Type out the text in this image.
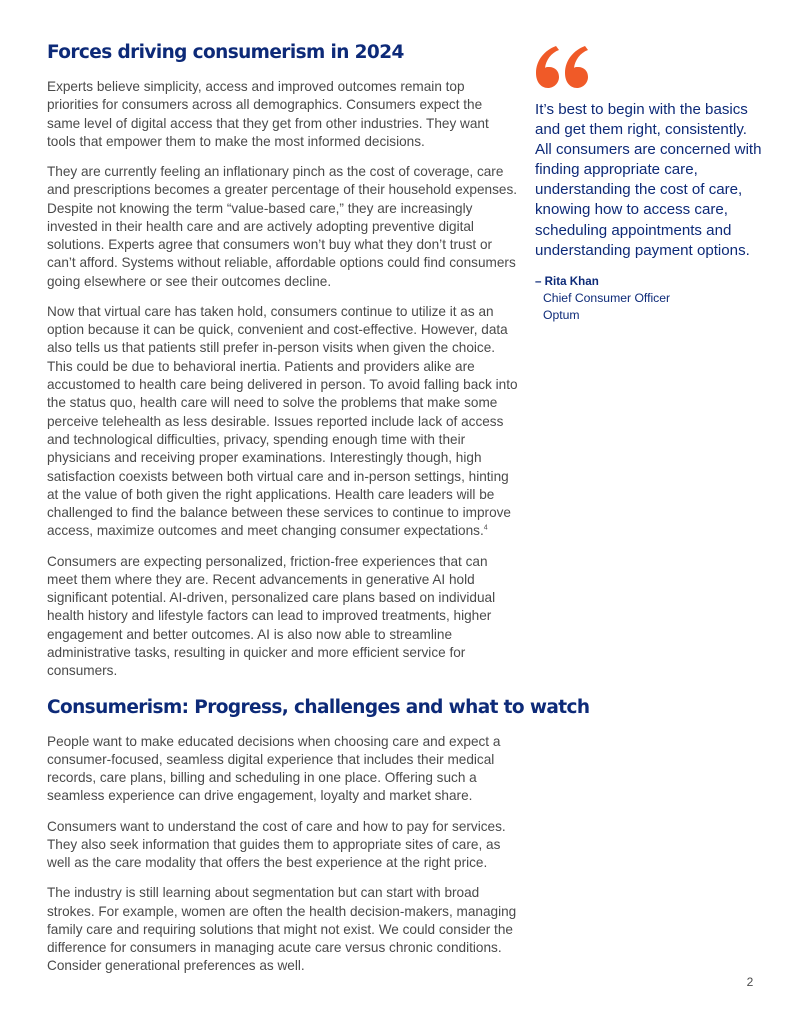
Forces driving consumerism in 2024

Experts believe simplicity, access and improved outcomes remain top priorities for consumers across all demographics. Consumers expect the same level of digital access that they get from other industries. They want tools that empower them to make the most informed decisions.

They are currently feeling an inflationary pinch as the cost of coverage, care and prescriptions becomes a greater percentage of their household expenses. Despite not knowing the term “value-based care,” they are increasingly invested in their health care and are actively adopting preventive digital solutions. Experts agree that consumers won’t buy what they don’t trust or can’t afford. Systems without reliable, affordable options could find consumers going elsewhere or see their outcomes decline.

Now that virtual care has taken hold, consumers continue to utilize it as an option because it can be quick, convenient and cost-effective. However, data also tells us that patients still prefer in-person visits when given the choice. This could be due to behavioral inertia. Patients and providers alike are accustomed to health care being delivered in person. To avoid falling back into the status quo, health care will need to solve the problems that make some perceive telehealth as less desirable. Issues reported include lack of access and technological difficulties, privacy, spending enough time with their physicians and receiving proper examinations. Interestingly though, high satisfaction coexists between both virtual care and in-person settings, hinting at the value of both given the right applications. Health care leaders will be challenged to find the balance between these services to continue to improve access, maximize outcomes and meet changing consumer expectations.$^4$

Consumers are expecting personalized, friction-free experiences that can meet them where they are. Recent advancements in generative AI hold significant potential. AI-driven, personalized care plans based on individual health history and lifestyle factors can lead to improved treatments, higher engagement and better outcomes. AI is also now able to streamline administrative tasks, resulting in quicker and more efficient service for consumers.

Consumerism: Progress, challenges and what to watch

People want to make educated decisions when choosing care and expect a consumer-focused, seamless digital experience that includes their medical records, care plans, billing and scheduling in one place. Offering such a seamless experience can drive engagement, loyalty and market share.

Consumers want to understand the cost of care and how to pay for services. They also seek information that guides them to appropriate sites of care, as well as the care modality that offers the best experience at the right price.

The industry is still learning about segmentation but can start with broad strokes. For example, women are often the health decision-makers, managing family care and requiring solutions that might not exist. We could consider the difference for consumers in managing acute care versus chronic conditions. Consider generational preferences as well.

It’s best to begin with the basics and get them right, consistently. All consumers are concerned with finding appropriate care, understanding the cost of care, knowing how to access care, scheduling appointments and understanding payment options.

– Rita Khan

Chief Consumer Officer

Optum

2
